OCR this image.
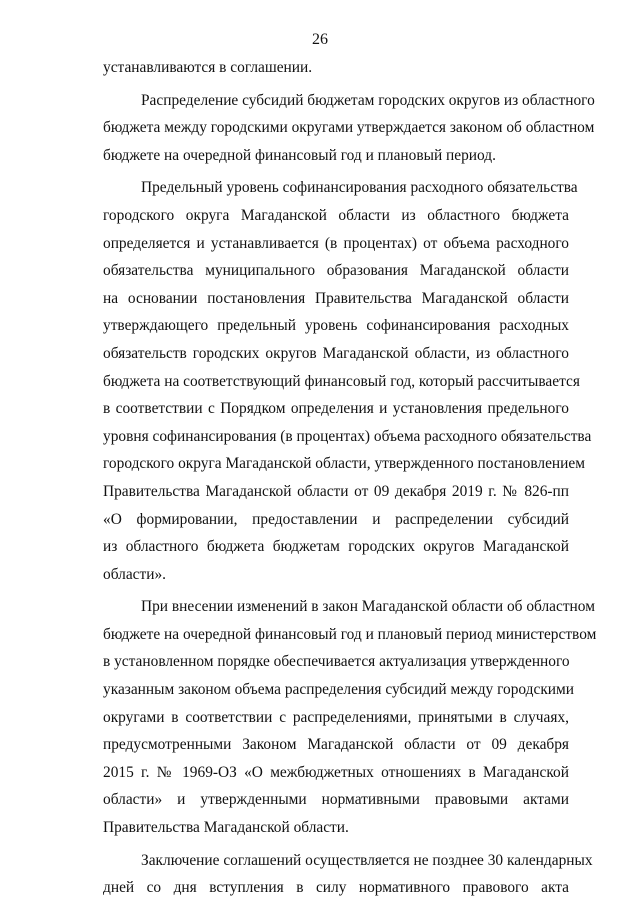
26
устанавливаются в соглашении.
Распределение субсидий бюджетам городских округов из областного
бюджета между городскими округами утверждается законом об областном
бюджете на очередной финансовый год и плановый период.
Предельный уровень софинансирования расходного обязательства
городского округа Магаданской области из областного бюджета
определяется и устанавливается (в процентах) от объема расходного
обязательства муниципального образования Магаданской области
на основании постановления Правительства Магаданской области
утверждающего предельный уровень софинансирования расходных
обязательств городских округов Магаданской области, из областного
бюджета на соответствующий финансовый год, который рассчитывается
в соответствии с Порядком определения и установления предельного
уровня софинансирования (в процентах) объема расходного обязательства
городского округа Магаданской области, утвержденного постановлением
Правительства Магаданской области от 09 декабря 2019 г. № 826-пп
«О формировании, предоставлении и распределении субсидий
из областного бюджета бюджетам городских округов Магаданской
области».
При внесении изменений в закон Магаданской области об областном
бюджете на очередной финансовый год и плановый период министерством
в установленном порядке обеспечивается актуализация утвержденного
указанным законом объема распределения субсидий между городскими
округами в соответствии с распределениями, принятыми в случаях,
предусмотренными Законом Магаданской области от 09 декабря
2015 г. № 1969-ОЗ «О межбюджетных отношениях в Магаданской
области» и утвержденными нормативными правовыми актами
Правительства Магаданской области.
Заключение соглашений осуществляется не позднее 30 календарных
дней со дня вступления в силу нормативного правового акта
